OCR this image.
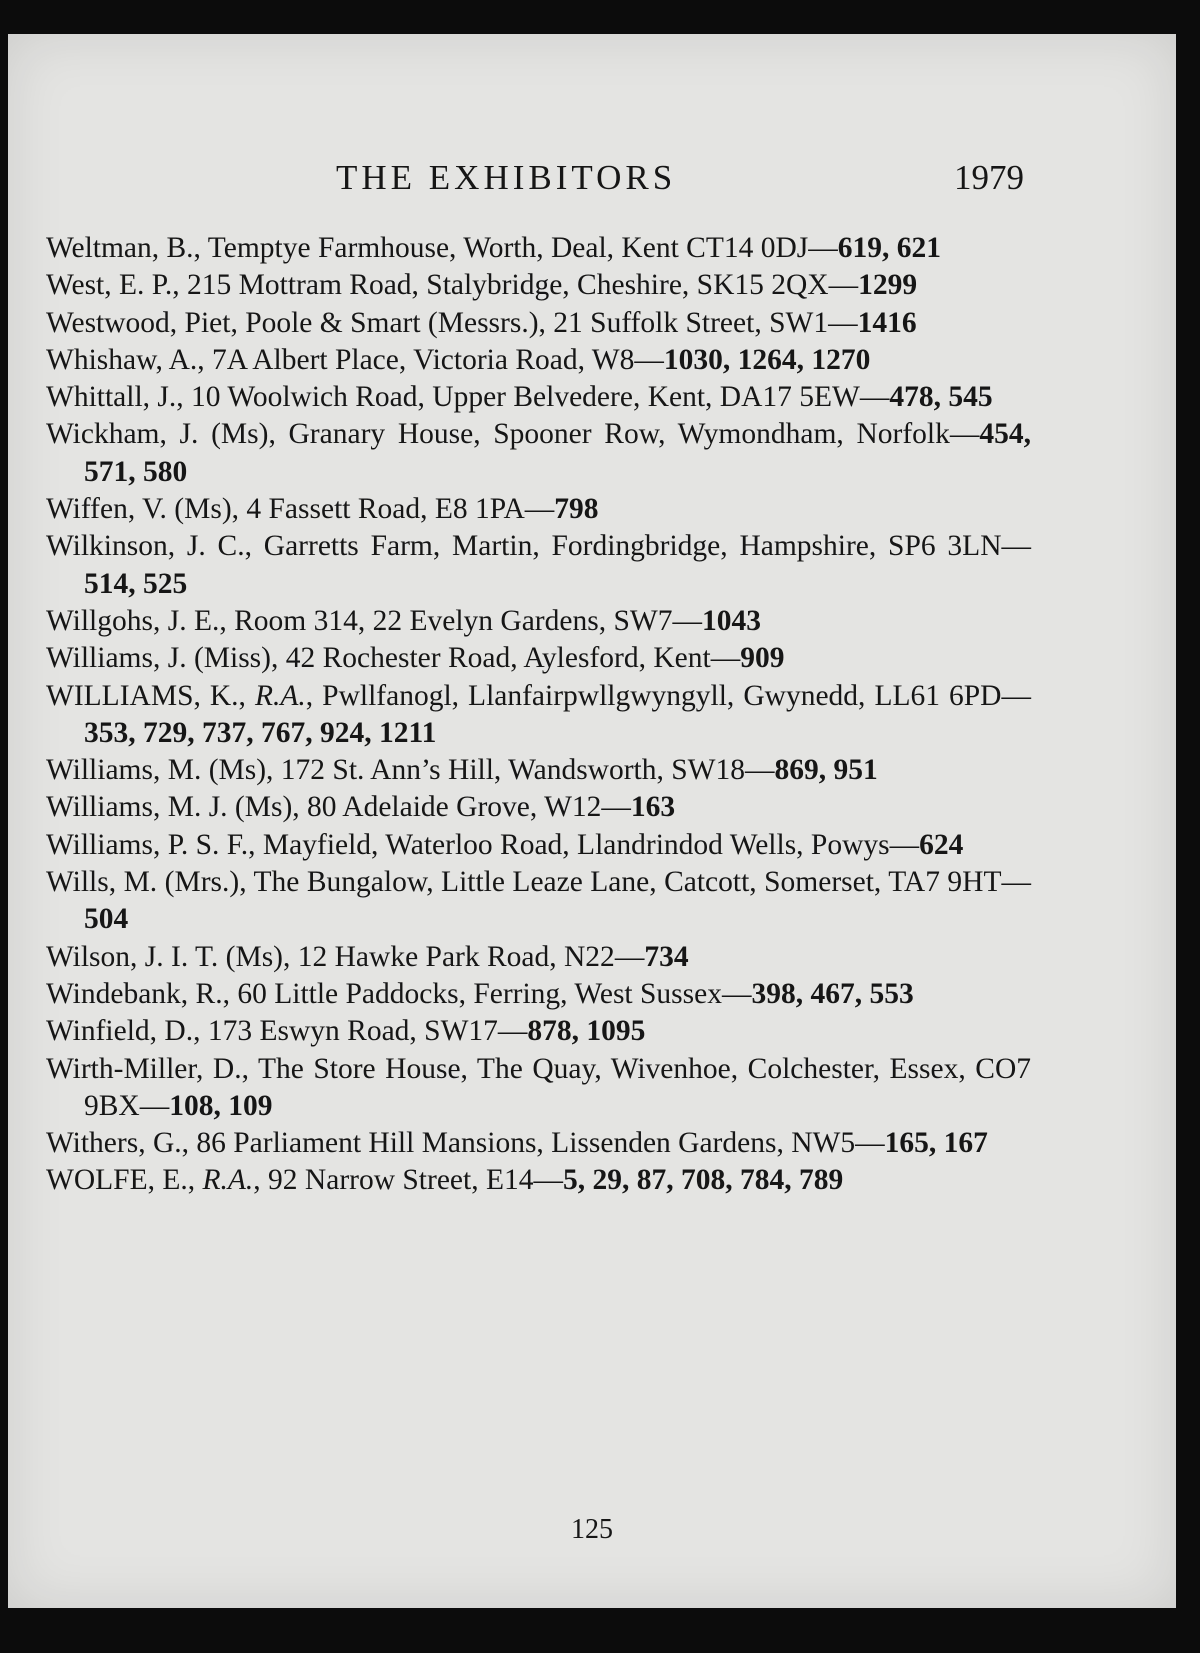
THE EXHIBITORS	1979
Weltman, B., Temptye Farmhouse, Worth, Deal, Kent CT14 0DJ—619, 621
West, E. P., 215 Mottram Road, Stalybridge, Cheshire, SK15 2QX—1299
Westwood, Piet, Poole & Smart (Messrs.), 21 Suffolk Street, SW1—1416
Whishaw, A., 7A Albert Place, Victoria Road, W8—1030, 1264, 1270
Whittall, J., 10 Woolwich Road, Upper Belvedere, Kent, DA17 5EW—478, 545
Wickham, J. (Ms), Granary House, Spooner Row, Wymondham, Norfolk—454, 571, 580
Wiffen, V. (Ms), 4 Fassett Road, E8 1PA—798
Wilkinson, J. C., Garretts Farm, Martin, Fordingbridge, Hampshire, SP6 3LN—514, 525
Willgohs, J. E., Room 314, 22 Evelyn Gardens, SW7—1043
Williams, J. (Miss), 42 Rochester Road, Aylesford, Kent—909
WILLIAMS, K., R.A., Pwllfanogl, Llanfairpwllgwyngyll, Gwynedd, LL61 6PD—353, 729, 737, 767, 924, 1211
Williams, M. (Ms), 172 St. Ann’s Hill, Wandsworth, SW18—869, 951
Williams, M. J. (Ms), 80 Adelaide Grove, W12—163
Williams, P. S. F., Mayfield, Waterloo Road, Llandrindod Wells, Powys—624
Wills, M. (Mrs.), The Bungalow, Little Leaze Lane, Catcott, Somerset, TA7 9HT—504
Wilson, J. I. T. (Ms), 12 Hawke Park Road, N22—734
Windebank, R., 60 Little Paddocks, Ferring, West Sussex—398, 467, 553
Winfield, D., 173 Eswyn Road, SW17—878, 1095
Wirth-Miller, D., The Store House, The Quay, Wivenhoe, Colchester, Essex, CO7 9BX—108, 109
Withers, G., 86 Parliament Hill Mansions, Lissenden Gardens, NW5—165, 167
WOLFE, E., R.A., 92 Narrow Street, E14—5, 29, 87, 708, 784, 789
125
